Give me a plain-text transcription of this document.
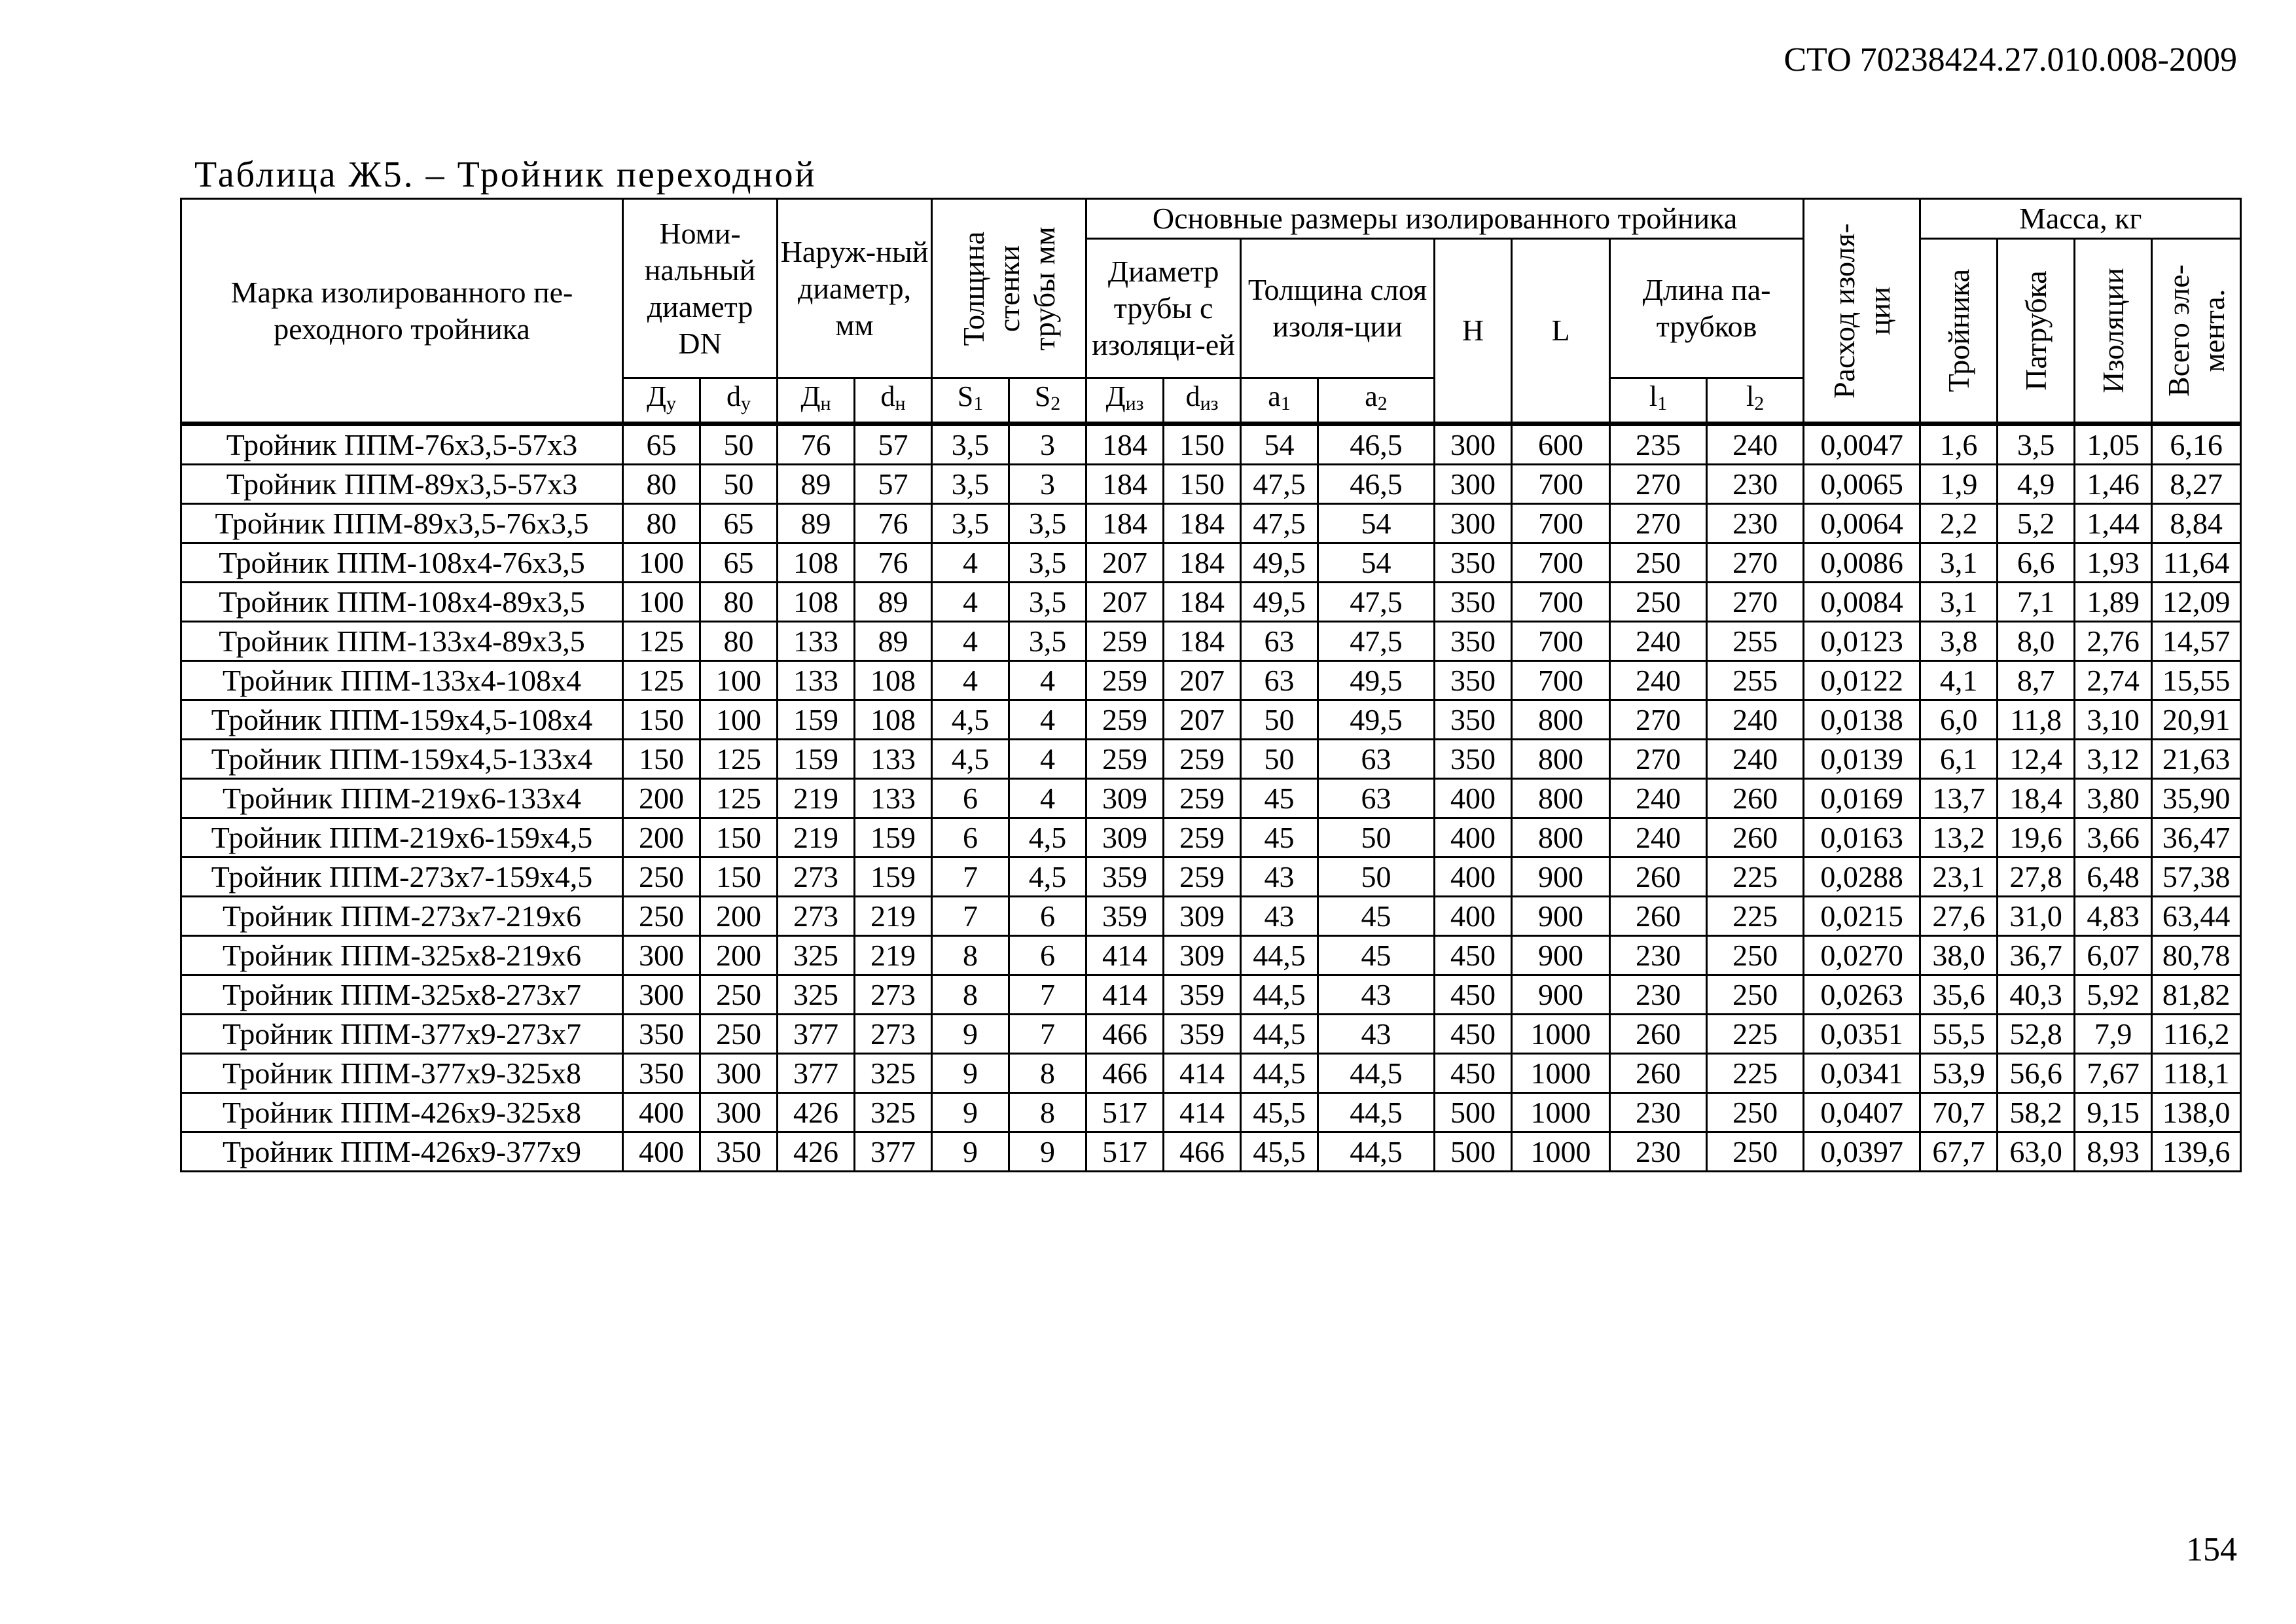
СТО 70238424.27.010.008-2009
Таблица Ж5. – Тройник переходной
Марка изолированного пе-реходного тройника	Номи-нальный диаметр DN		Наруж-ный диаметр, мм		Толщина стенки трубы мм		Основные размеры изолированного тройника								Расход изоля-ции	Масса, кг			
							Диаметр трубы с изоляци-ей		Толщина слоя изоля-ции		H	L	Длина па-трубков			Тройника	Патрубка	Изоляции	Всего эле-мента.

	$Д_у$	$d_у$	$Д_н$	$d_н$	$S_1$	$S_2$	$Д_{из}$	$d_{из}$	$a_1$	$a_2$			$l_1$	$l_2$
Тройник ППМ-76х3,5-57х3	65	50	76	57	3,5	3	184	150	54	46,5	300	600	235	240	0,0047	1,6	3,5	1,05	6,16
Тройник ППМ-89х3,5-57х3	80	50	89	57	3,5	3	184	150	47,5	46,5	300	700	270	230	0,0065	1,9	4,9	1,46	8,27
Тройник ППМ-89х3,5-76х3,5	80	65	89	76	3,5	3,5	184	184	47,5	54	300	700	270	230	0,0064	2,2	5,2	1,44	8,84
Тройник ППМ-108х4-76х3,5	100	65	108	76	4	3,5	207	184	49,5	54	350	700	250	270	0,0086	3,1	6,6	1,93	11,64
Тройник ППМ-108х4-89х3,5	100	80	108	89	4	3,5	207	184	49,5	47,5	350	700	250	270	0,0084	3,1	7,1	1,89	12,09
Тройник ППМ-133х4-89х3,5	125	80	133	89	4	3,5	259	184	63	47,5	350	700	240	255	0,0123	3,8	8,0	2,76	14,57
Тройник ППМ-133х4-108х4	125	100	133	108	4	4	259	207	63	49,5	350	700	240	255	0,0122	4,1	8,7	2,74	15,55
Тройник ППМ-159х4,5-108х4	150	100	159	108	4,5	4	259	207	50	49,5	350	800	270	240	0,0138	6,0	11,8	3,10	20,91
Тройник ППМ-159х4,5-133х4	150	125	159	133	4,5	4	259	259	50	63	350	800	270	240	0,0139	6,1	12,4	3,12	21,63
Тройник ППМ-219х6-133х4	200	125	219	133	6	4	309	259	45	63	400	800	240	260	0,0169	13,7	18,4	3,80	35,90
Тройник ППМ-219х6-159х4,5	200	150	219	159	6	4,5	309	259	45	50	400	800	240	260	0,0163	13,2	19,6	3,66	36,47
Тройник ППМ-273х7-159х4,5	250	150	273	159	7	4,5	359	259	43	50	400	900	260	225	0,0288	23,1	27,8	6,48	57,38
Тройник ППМ-273х7-219х6	250	200	273	219	7	6	359	309	43	45	400	900	260	225	0,0215	27,6	31,0	4,83	63,44
Тройник ППМ-325х8-219х6	300	200	325	219	8	6	414	309	44,5	45	450	900	230	250	0,0270	38,0	36,7	6,07	80,78
Тройник ППМ-325х8-273х7	300	250	325	273	8	7	414	359	44,5	43	450	900	230	250	0,0263	35,6	40,3	5,92	81,82
Тройник ППМ-377х9-273х7	350	250	377	273	9	7	466	359	44,5	43	450	1000	260	225	0,0351	55,5	52,8	7,9	116,2
Тройник ППМ-377х9-325х8	350	300	377	325	9	8	466	414	44,5	44,5	450	1000	260	225	0,0341	53,9	56,6	7,67	118,1
Тройник ППМ-426х9-325х8	400	300	426	325	9	8	517	414	45,5	44,5	500	1000	230	250	0,0407	70,7	58,2	9,15	138,0
Тройник ППМ-426х9-377х9	400	350	426	377	9	9	517	466	45,5	44,5	500	1000	230	250	0,0397	67,7	63,0	8,93	139,6
154
